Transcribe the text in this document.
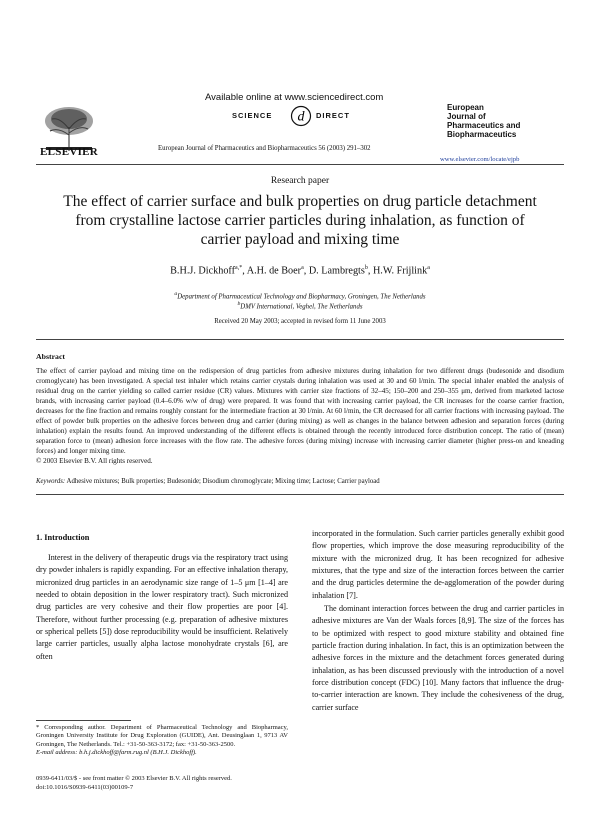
ELSEVIER
Available online at www.sciencedirect.com
SCIENCE d DIRECT
European Journal of Pharmaceutics and Biopharmaceutics 56 (2003) 291–302
European
Journal of
Pharmaceutics and
Biopharmaceutics
www.elsevier.com/locate/ejpb
Research paper
The effect of carrier surface and bulk properties on drug particle detachment from crystalline lactose carrier particles during inhalation, as function of carrier payload and mixing time
B.H.J. Dickhoff$^{a,*}$, A.H. de Boer$^a$, D. Lambregts$^b$, H.W. Frijlink$^a$
$^a$Department of Pharmaceutical Technology and Biopharmacy, Groningen, The Netherlands
$^b$DMV International, Veghel, The Netherlands
Received 20 May 2003; accepted in revised form 11 June 2003
Abstract
The effect of carrier payload and mixing time on the redispersion of drug particles from adhesive mixtures during inhalation for two different drugs (budesonide and disodium cromoglycate) has been investigated. A special test inhaler which retains carrier crystals during inhalation was used at 30 and 60 l/min. The special inhaler enabled the analysis of residual drug on the carrier yielding so called carrier residue (CR) values. Mixtures with carrier size fractions of 32–45; 150–200 and 250–355 μm, derived from marketed lactose brands, with increasing carrier payload (0.4–6.0% w/w of drug) were prepared. It was found that with increasing carrier payload, the CR increases for the coarse carrier fraction, decreases for the fine fraction and remains roughly constant for the intermediate fraction at 30 l/min. At 60 l/min, the CR decreased for all carrier fractions with increasing payload. The effect of powder bulk properties on the adhesive forces between drug and carrier (during mixing) as well as changes in the balance between adhesion and separation forces (during inhalation) explain the results found. An improved understanding of the different effects is obtained through the recently introduced force distribution concept. The ratio of (mean) separation force to (mean) adhesion force increases with the flow rate. The adhesive forces (during mixing) increase with increasing carrier diameter (higher press-on and kneading forces) and longer mixing time.
© 2003 Elsevier B.V. All rights reserved.
Keywords: Adhesive mixtures; Bulk properties; Budesonide; Disodium chromoglycate; Mixing time; Lactose; Carrier payload
1. Introduction

Interest in the delivery of therapeutic drugs via the respiratory tract using dry powder inhalers is rapidly expanding. For an effective inhalation therapy, micronized drug particles in an aerodynamic size range of 1–5 μm [1–4] are needed to obtain deposition in the lower respiratory tract). Such micronized drug particles are very cohesive and their flow properties are poor [4]. Therefore, without further processing (e.g. preparation of adhesive mixtures or spherical pellets [5]) dose reproducibility would be insufficient. Relatively large carrier particles, usually alpha lactose monohydrate crystals [6], are often

incorporated in the formulation. Such carrier particles generally exhibit good flow properties, which improve the dose measuring reproducibility of the mixture with the micronized drug. It has been recognized for adhesive mixtures, that the type and size of the interaction forces between the carrier and the drug particles determine the de-agglomeration of the powder during inhalation [7].

The dominant interaction forces between the drug and carrier particles in adhesive mixtures are Van der Waals forces [8,9]. The size of the forces has to be optimized with respect to good mixture stability and obtained fine particle fraction during inhalation. In fact, this is an optimization between the adhesive forces in the mixture and the detachment forces generated during inhalation, as has been discussed previously with the introduction of a novel force distribution concept (FDC) [10]. Many factors that influence the drug-to-carrier interaction are known. They include the cohesiveness of the drug, carrier surface

* Corresponding author. Department of Pharmaceutical Technology and Biopharmacy, Groningen University Institute for Drug Exploration (GUIDE), Ant. Deusinglaan 1, 9713 AV Groningen, The Netherlands. Tel.: +31-50-363-3172; fax: +31-50-363-2500.
E-mail address: b.h.j.dickhoff@farm.rug.nl (B.H.J. Dickhoff).
0939-6411/03/$ - see front matter © 2003 Elsevier B.V. All rights reserved.
doi:10.1016/S0939-6411(03)00109-7
